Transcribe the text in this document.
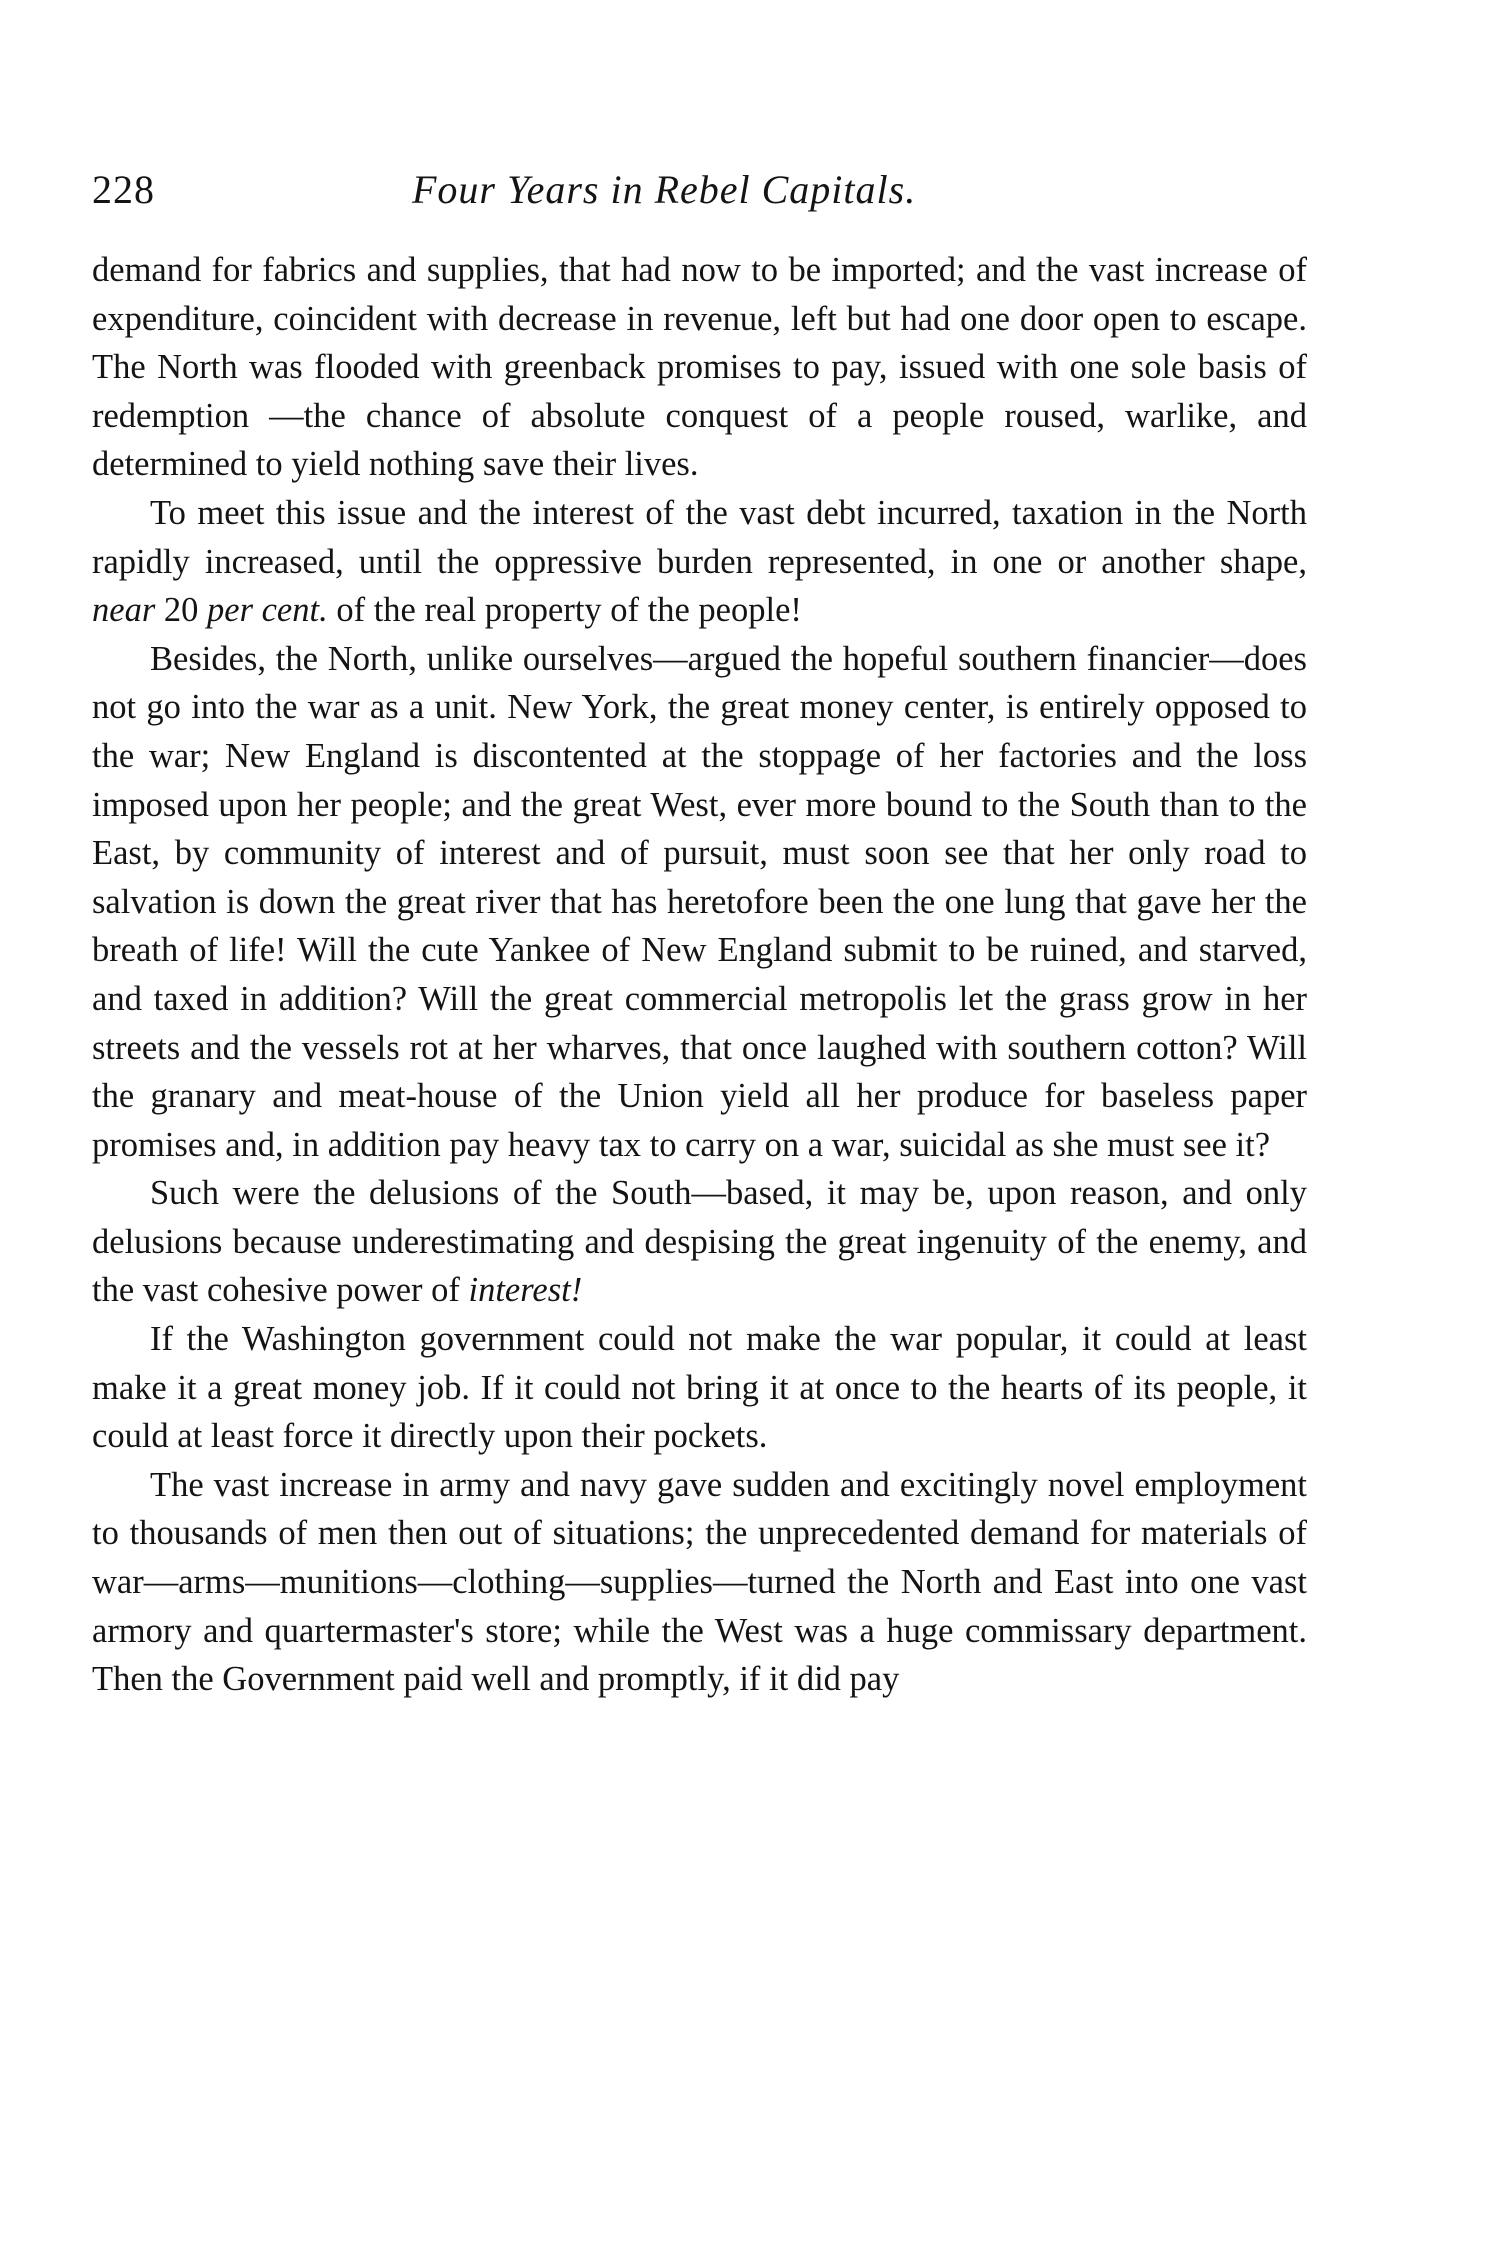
228	Four Years in Rebel Capitals.

demand for fabrics and supplies, that had now to be imported; and the vast increase of expenditure, coincident with decrease in revenue, left but had one door open to escape. The North was flooded with greenback promises to pay, issued with one sole basis of redemption —the chance of absolute conquest of a people roused, warlike, and determined to yield nothing save their lives.

To meet this issue and the interest of the vast debt incurred, taxation in the North rapidly increased, until the oppressive burden represented, in one or another shape, near 20 per cent. of the real property of the people!

Besides, the North, unlike ourselves—argued the hopeful southern financier—does not go into the war as a unit. New York, the great money center, is entirely opposed to the war; New England is discontented at the stoppage of her factories and the loss imposed upon her people; and the great West, ever more bound to the South than to the East, by community of interest and of pursuit, must soon see that her only road to salvation is down the great river that has heretofore been the one lung that gave her the breath of life! Will the cute Yankee of New England submit to be ruined, and starved, and taxed in addition? Will the great commercial metropolis let the grass grow in her streets and the vessels rot at her wharves, that once laughed with southern cotton? Will the granary and meat-house of the Union yield all her produce for baseless paper promises and, in addition pay heavy tax to carry on a war, suicidal as she must see it?

Such were the delusions of the South—based, it may be, upon reason, and only delusions because underestimating and despising the great ingenuity of the enemy, and the vast cohesive power of interest!

If the Washington government could not make the war popular, it could at least make it a great money job. If it could not bring it at once to the hearts of its people, it could at least force it directly upon their pockets.

The vast increase in army and navy gave sudden and excitingly novel employment to thousands of men then out of situations; the unprecedented demand for materials of war—arms—munitions—clothing—supplies—turned the North and East into one vast armory and quartermaster's store; while the West was a huge commissary department. Then the Government paid well and promptly, if it did pay
